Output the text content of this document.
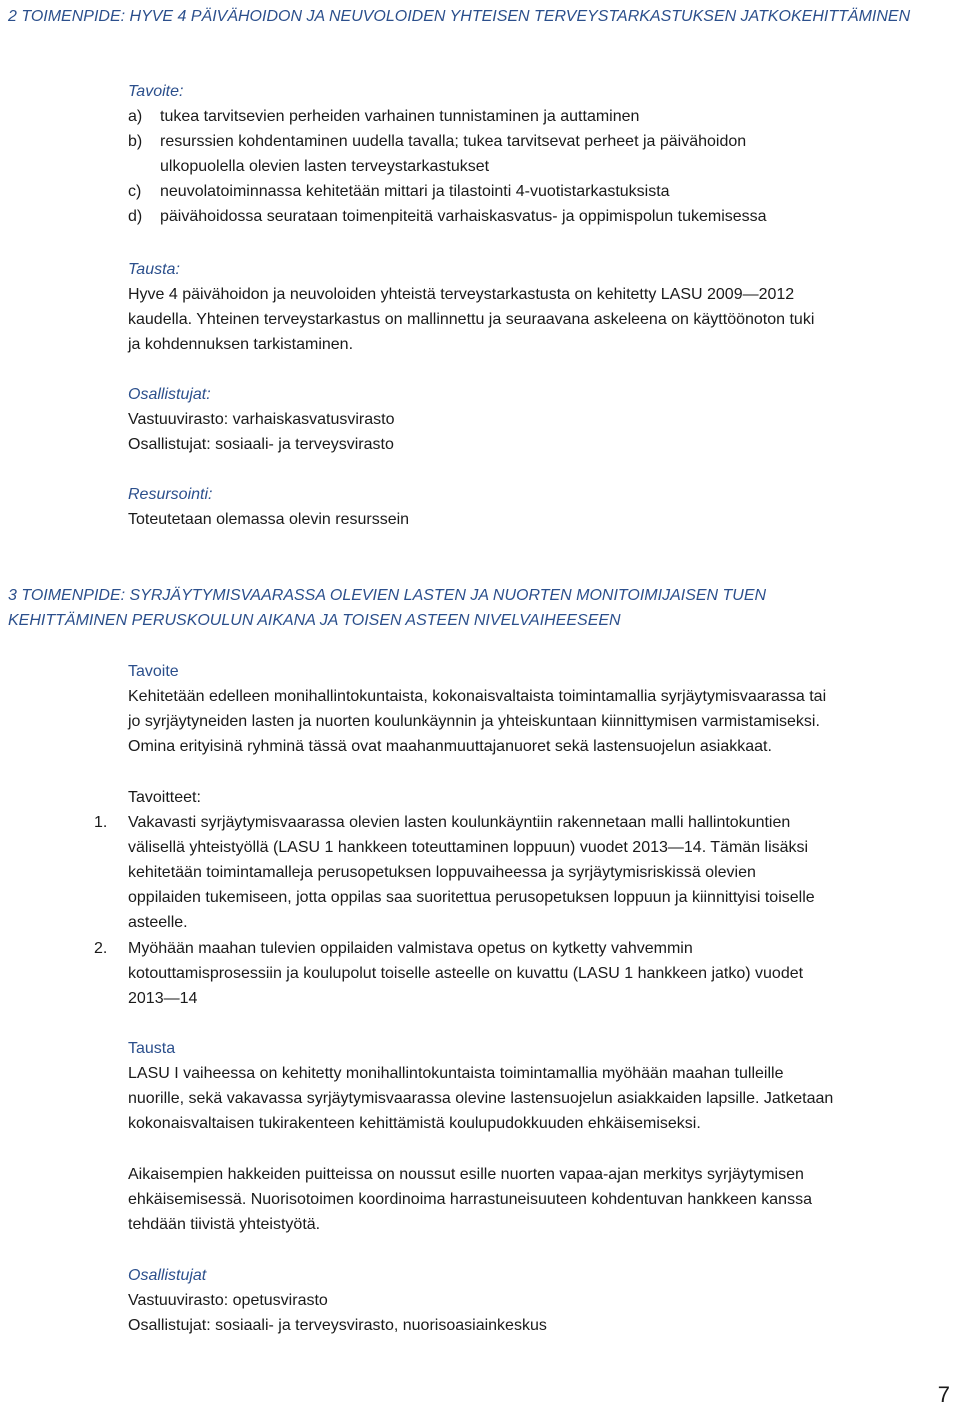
2 TOIMENPIDE: HYVE 4 PÄIVÄHOIDON JA NEUVOLOIDEN YHTEISEN TERVEYSTARKASTUKSEN JATKOKEHITTÄMINEN
Tavoite:
a) tukea tarvitsevien perheiden varhainen tunnistaminen ja auttaminen
b) resurssien kohdentaminen uudella tavalla; tukea tarvitsevat perheet ja päivähoidon
ulkopuolella olevien lasten terveystarkastukset
c) neuvolatoiminnassa kehitetään mittari ja tilastointi 4-vuotistarkastuksista
d) päivähoidossa seurataan toimenpiteitä varhaiskasvatus- ja oppimispolun tukemisessa
Tausta:
Hyve 4 päivähoidon ja neuvoloiden yhteistä terveystarkastusta on kehitetty LASU 2009—2012
kaudella. Yhteinen terveystarkastus on mallinnettu ja seuraavana askeleena on käyttöönoton tuki
ja kohdennuksen tarkistaminen.
Osallistujat:
Vastuuvirasto: varhaiskasvatusvirasto
Osallistujat: sosiaali- ja terveysvirasto
Resursointi:
Toteutetaan olemassa olevin resurssein
3 TOIMENPIDE: SYRJÄYTYMISVAARASSA OLEVIEN LASTEN JA NUORTEN MONITOIMIJAISEN TUEN
KEHITTÄMINEN PERUSKOULUN AIKANA JA TOISEN ASTEEN NIVELVAIHEESEEN
Tavoite
Kehitetään edelleen monihallintokuntaista, kokonaisvaltaista toimintamallia syrjäytymisvaarassa tai
jo syrjäytyneiden lasten ja nuorten koulunkäynnin ja yhteiskuntaan kiinnittymisen varmistamiseksi.
Omina erityisinä ryhminä tässä ovat maahanmuuttajanuoret sekä lastensuojelun asiakkaat.
Tavoitteet:
1. Vakavasti syrjäytymisvaarassa olevien lasten koulunkäyntiin rakennetaan malli hallintokuntien
välisellä yhteistyöllä (LASU 1 hankkeen toteuttaminen loppuun) vuodet 2013—14. Tämän lisäksi
kehitetään toimintamalleja perusopetuksen loppuvaiheessa ja syrjäytymisriskissä olevien
oppilaiden tukemiseen, jotta oppilas saa suoritettua perusopetuksen loppuun ja kiinnittyisi toiselle
asteelle.
2. Myöhään maahan tulevien oppilaiden valmistava opetus on kytketty vahvemmin
kotouttamisprosessiin ja koulupolut toiselle asteelle on kuvattu (LASU 1 hankkeen jatko) vuodet
2013—14
Tausta
LASU I vaiheessa on kehitetty monihallintokuntaista toimintamallia myöhään maahan tulleille
nuorille, sekä vakavassa syrjäytymisvaarassa olevine lastensuojelun asiakkaiden lapsille. Jatketaan
kokonaisvaltaisen tukirakenteen kehittämistä koulupudokkuuden ehkäisemiseksi.
Aikaisempien hakkeiden puitteissa on noussut esille nuorten vapaa-ajan merkitys syrjäytymisen
ehkäisemisessä. Nuorisotoimen koordinoima harrastuneisuuteen kohdentuvan hankkeen kanssa
tehdään tiivistä yhteistyötä.
Osallistujat
Vastuuvirasto: opetusvirasto
Osallistujat: sosiaali- ja terveysvirasto, nuorisoasiainkeskus
7
